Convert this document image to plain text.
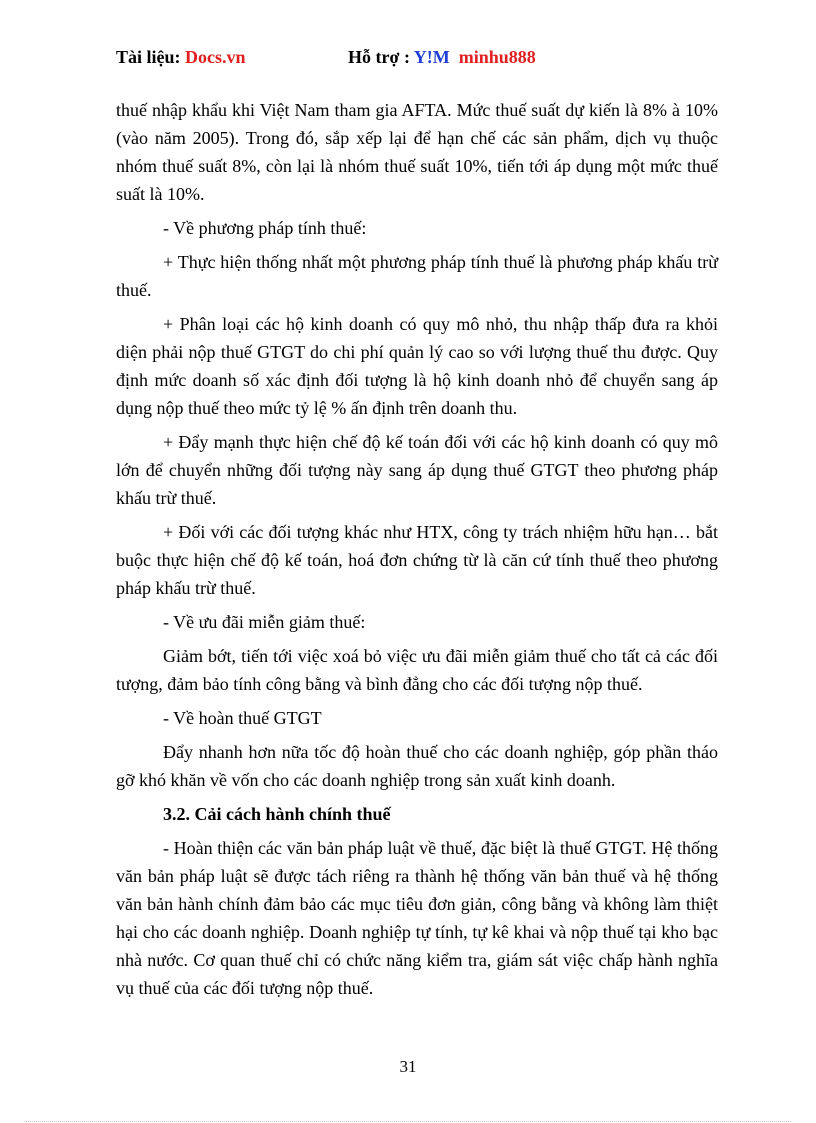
Tài liệu: Docs.vn	Hỗ trợ : Y!M minhu888

thuế nhập khẩu khi Việt Nam tham gia AFTA. Mức thuế suất dự kiến là 8% à 10% (vào năm 2005). Trong đó, sắp xếp lại để hạn chế các sản phẩm, dịch vụ thuộc nhóm thuế suất 8%, còn lại là nhóm thuế suất 10%, tiến tới áp dụng một mức thuế suất là 10%.

- Về phương pháp tính thuế:

+ Thực hiện thống nhất một phương pháp tính thuế là phương pháp khấu trừ thuế.

+ Phân loại các hộ kinh doanh có quy mô nhỏ, thu nhập thấp đưa ra khỏi diện phải nộp thuế GTGT do chi phí quản lý cao so với lượng thuế thu được. Quy định mức doanh số xác định đối tượng là hộ kinh doanh nhỏ để chuyển sang áp dụng nộp thuế theo mức tỷ lệ % ấn định trên doanh thu.

+ Đẩy mạnh thực hiện chế độ kế toán đối với các hộ kinh doanh có quy mô lớn để chuyển những đối tượng này sang áp dụng thuế GTGT theo phương pháp khấu trừ thuế.

+ Đối với các đối tượng khác như HTX, công ty trách nhiệm hữu hạn… bắt buộc thực hiện chế độ kế toán, hoá đơn chứng từ là căn cứ tính thuế theo phương pháp khấu trừ thuế.

- Về ưu đãi miễn giảm thuế:

Giảm bớt, tiến tới việc xoá bỏ việc ưu đãi miễn giảm thuế cho tất cả các đối tượng, đảm bảo tính công bằng và bình đẳng cho các đối tượng nộp thuế.

- Về hoàn thuế GTGT

Đẩy nhanh hơn nữa tốc độ hoàn thuế cho các doanh nghiệp, góp phần tháo gỡ khó khăn về vốn cho các doanh nghiệp trong sản xuất kinh doanh.

3.2. Cải cách hành chính thuế

- Hoàn thiện các văn bản pháp luật về thuế, đặc biệt là thuế GTGT. Hệ thống văn bản pháp luật sẽ được tách riêng ra thành hệ thống văn bản thuế và hệ thống văn bản hành chính đảm bảo các mục tiêu đơn giản, công bằng và không làm thiệt hại cho các doanh nghiệp. Doanh nghiệp tự tính, tự kê khai và nộp thuế tại kho bạc nhà nước. Cơ quan thuế chỉ có chức năng kiểm tra, giám sát việc chấp hành nghĩa vụ thuế của các đối tượng nộp thuế.

31
